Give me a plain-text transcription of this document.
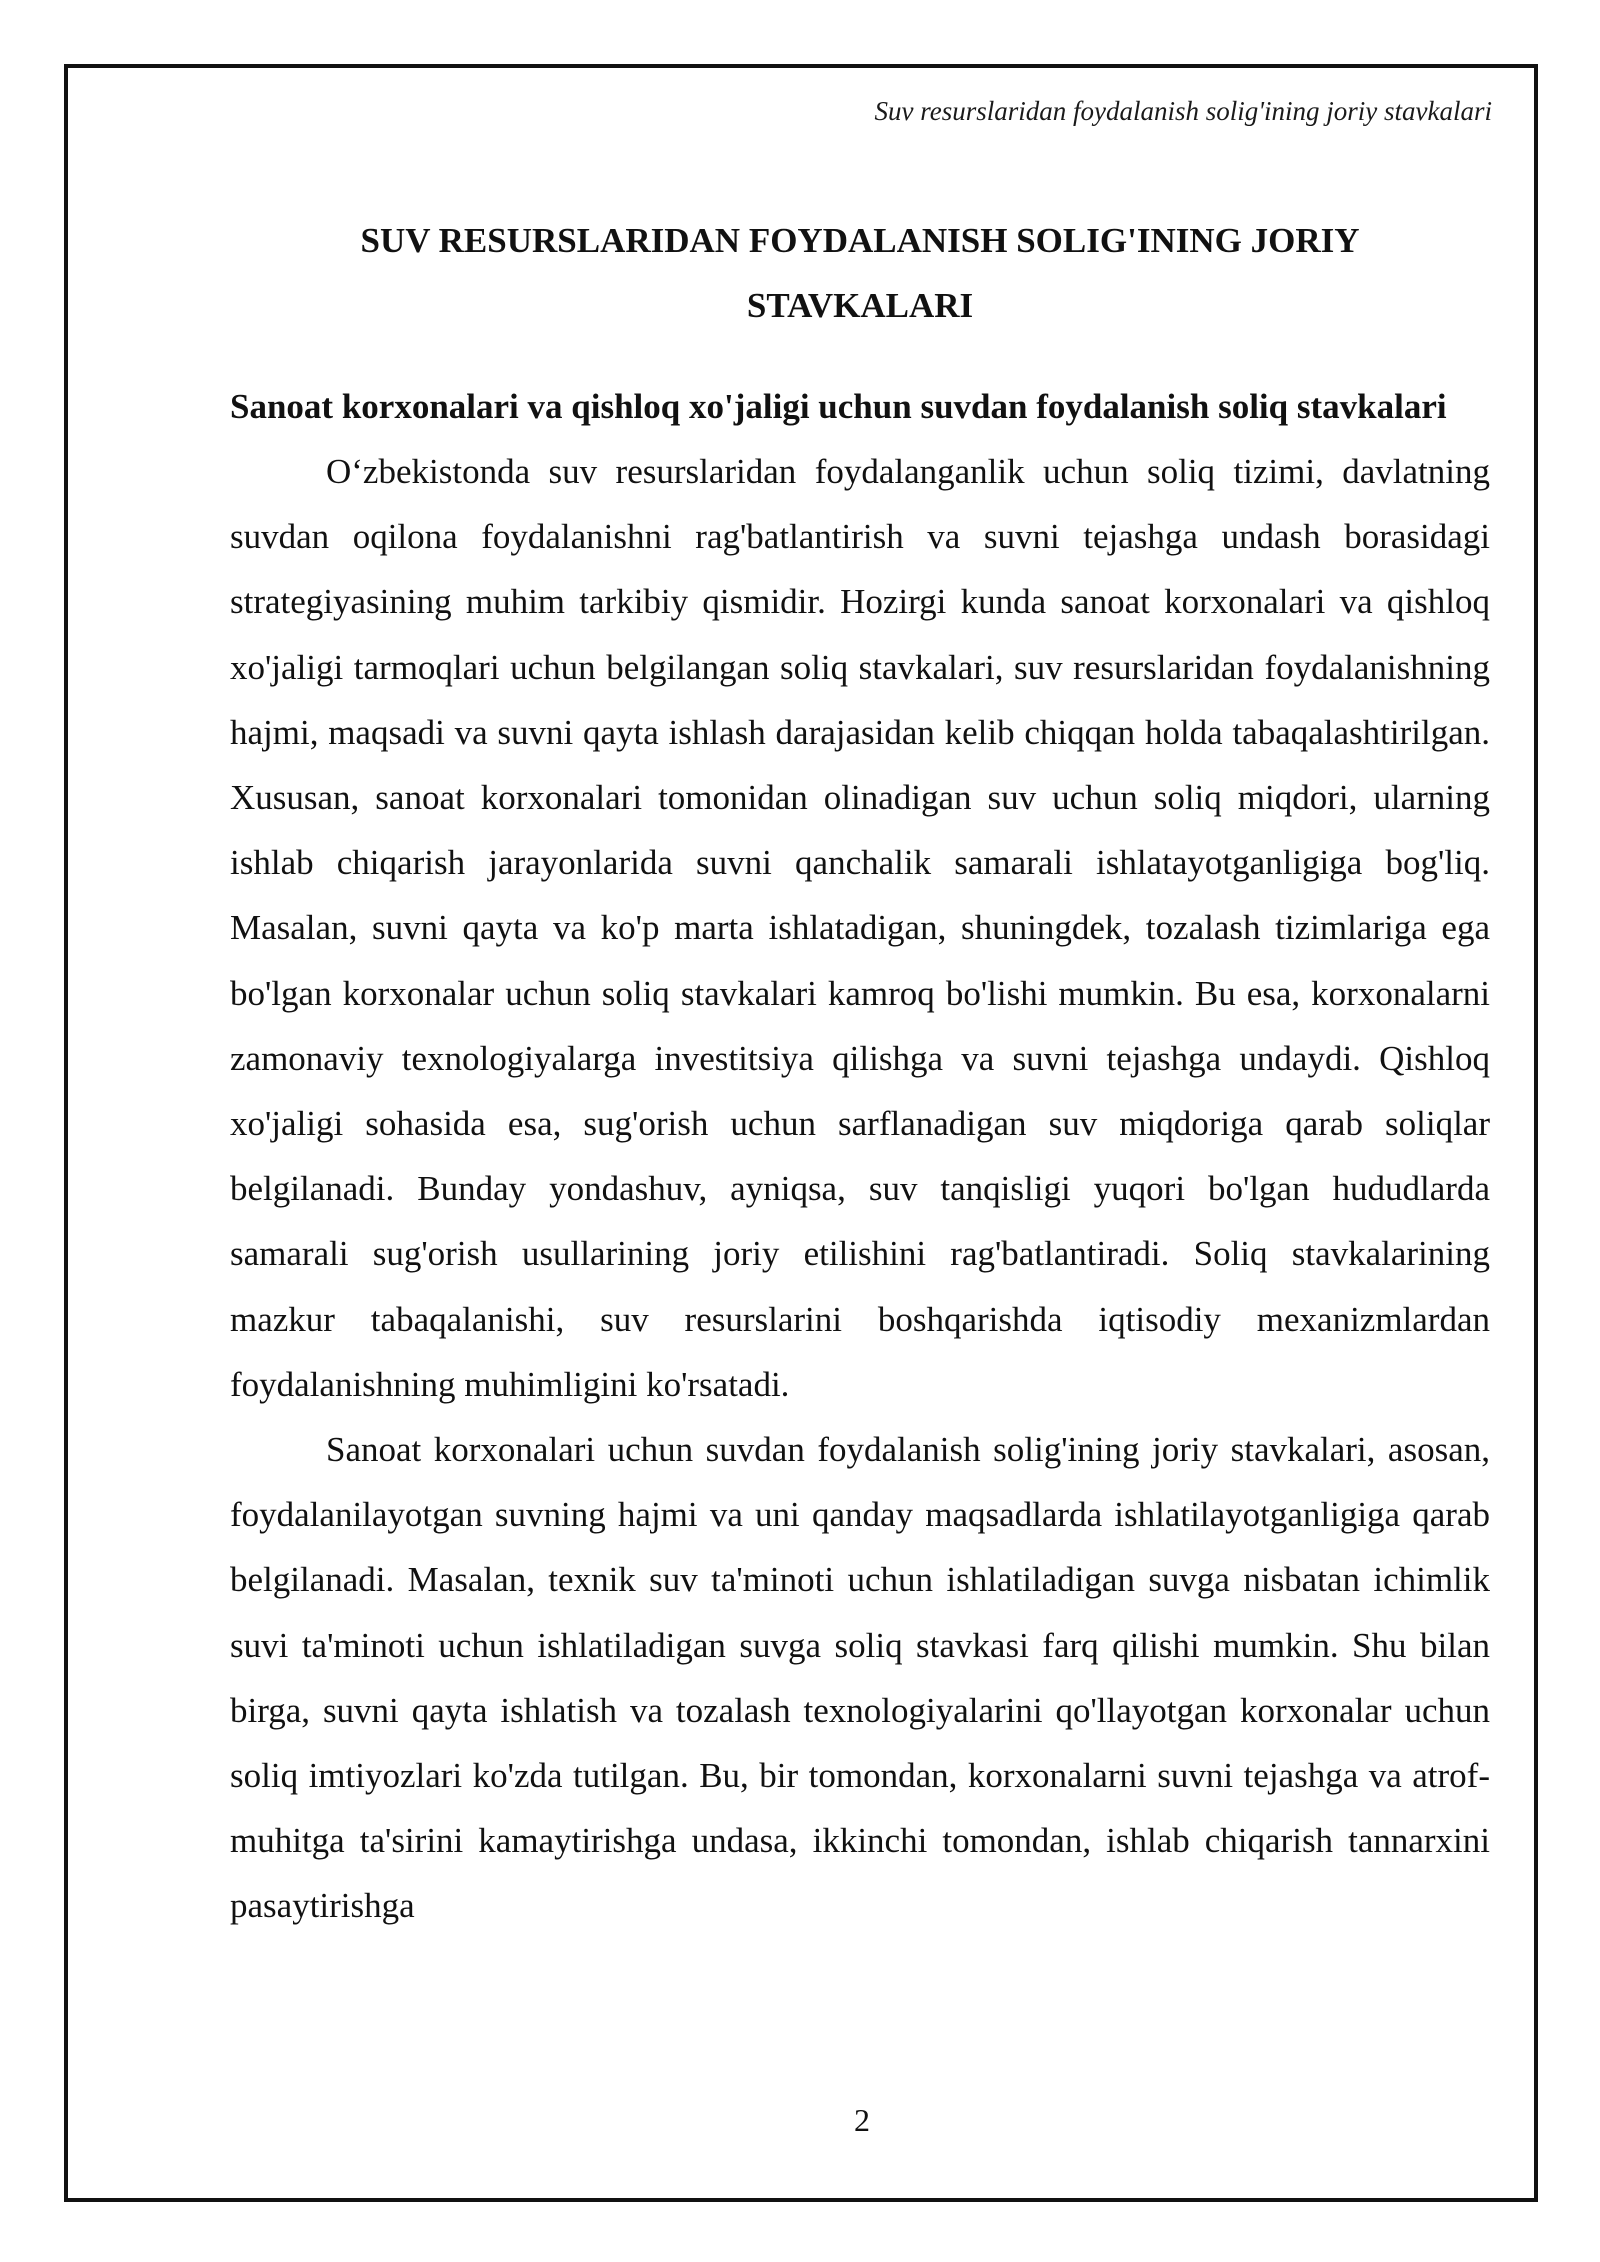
Suv resurslaridan foydalanish solig'ining joriy stavkalari
SUV RESURSLARIDAN FOYDALANISH SOLIG'INING JORIY STAVKALARI
Sanoat korxonalari va qishloq xo'jaligi uchun suvdan foydalanish soliq stavkalari

O‘zbekistonda suv resurslaridan foydalanganlik uchun soliq tizimi, davlatning suvdan oqilona foydalanishni rag'batlantirish va suvni tejashga undash borasidagi strategiyasining muhim tarkibiy qismidir. Hozirgi kunda sanoat korxonalari va qishloq xo'jaligi tarmoqlari uchun belgilangan soliq stavkalari, suv resurslaridan foydalanishning hajmi, maqsadi va suvni qayta ishlash darajasidan kelib chiqqan holda tabaqalashtirilgan. Xususan, sanoat korxonalari tomonidan olinadigan suv uchun soliq miqdori, ularning ishlab chiqarish jarayonlarida suvni qanchalik samarali ishlatayotganligiga bog'liq. Masalan, suvni qayta va ko'p marta ishlatadigan, shuningdek, tozalash tizimlariga ega bo'lgan korxonalar uchun soliq stavkalari kamroq bo'lishi mumkin. Bu esa, korxonalarni zamonaviy texnologiyalarga investitsiya qilishga va suvni tejashga undaydi. Qishloq xo'jaligi sohasida esa, sug'orish uchun sarflanadigan suv miqdoriga qarab soliqlar belgilanadi. Bunday yondashuv, ayniqsa, suv tanqisligi yuqori bo'lgan hududlarda samarali sug'orish usullarining joriy etilishini rag'batlantiradi. Soliq stavkalarining mazkur tabaqalanishi, suv resurslarini boshqarishda iqtisodiy mexanizmlardan foydalanishning muhimligini ko'rsatadi.

Sanoat korxonalari uchun suvdan foydalanish solig'ining joriy stavkalari, asosan, foydalanilayotgan suvning hajmi va uni qanday maqsadlarda ishlatilayotganligiga qarab belgilanadi. Masalan, texnik suv ta'minoti uchun ishlatiladigan suvga nisbatan ichimlik suvi ta'minoti uchun ishlatiladigan suvga soliq stavkasi farq qilishi mumkin. Shu bilan birga, suvni qayta ishlatish va tozalash texnologiyalarini qo'llayotgan korxonalar uchun soliq imtiyozlari ko'zda tutilgan. Bu, bir tomondan, korxonalarni suvni tejashga va atrof-muhitga ta'sirini kamaytirishga undasa, ikkinchi tomondan, ishlab chiqarish tannarxini pasaytirishga

2
